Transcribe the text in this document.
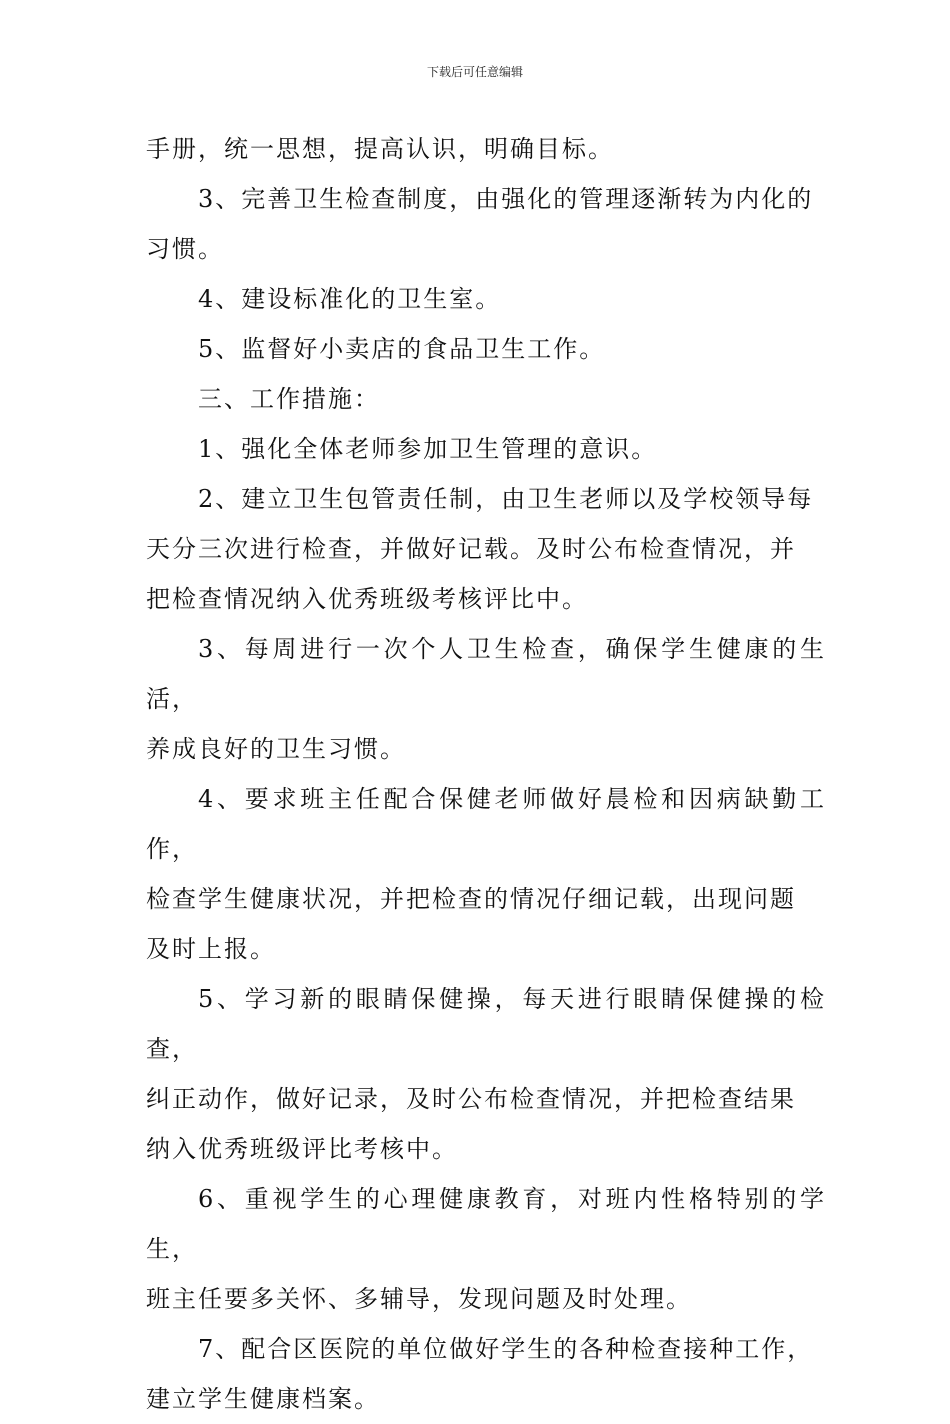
下载后可任意编辑

手册，统一思想，提高认识，明确目标。

3、完善卫生检查制度，由强化的管理逐渐转为内化的
习惯。

4、建设标准化的卫生室。

5、监督好小卖店的食品卫生工作。

三、工作措施：

1、强化全体老师参加卫生管理的意识。

2、建立卫生包管责任制，由卫生老师以及学校领导每
天分三次进行检查，并做好记载。及时公布检查情况，并
把检查情况纳入优秀班级考核评比中。

3、每周进行一次个人卫生检查，确保学生健康的生活，
养成良好的卫生习惯。

4、要求班主任配合保健老师做好晨检和因病缺勤工作，
检查学生健康状况，并把检查的情况仔细记载，出现问题
及时上报。

5、学习新的眼睛保健操，每天进行眼睛保健操的检查，
纠正动作，做好记录，及时公布检查情况，并把检查结果
纳入优秀班级评比考核中。

6、重视学生的心理健康教育，对班内性格特别的学生，
班主任要多关怀、多辅导，发现问题及时处理。

7、配合区医院的单位做好学生的各种检查接种工作，
建立学生健康档案。
